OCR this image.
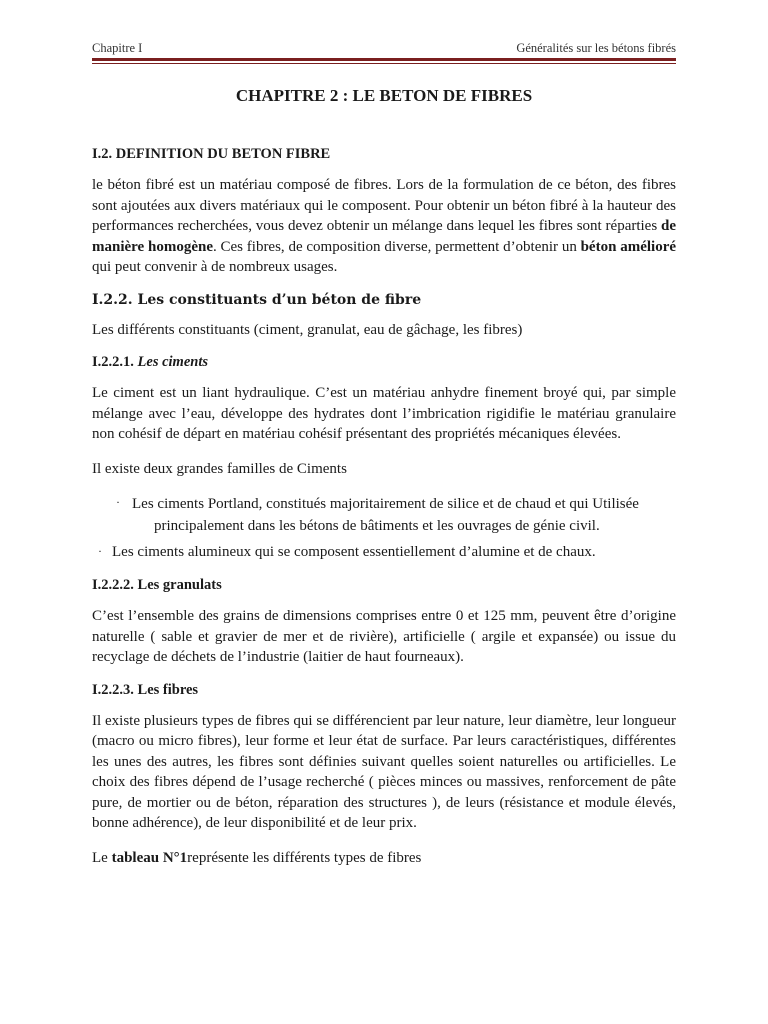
Chapitre I	Généralités sur les bétons fibrés
CHAPITRE 2 : LE BETON DE FIBRES
I.2. DEFINITION DU BETON FIBRE

le béton fibré est un matériau composé de fibres. Lors de la formulation de ce béton, des fibres sont ajoutées aux divers matériaux qui le composent. Pour obtenir un béton fibré à la hauteur des performances recherchées, vous devez obtenir un mélange dans lequel les fibres sont réparties de manière homogène. Ces fibres, de composition diverse, permettent d’obtenir un béton amélioré qui peut convenir à de nombreux usages.

I.2.2. Les constituants d’un béton de fibre

Les différents constituants (ciment, granulat, eau de gâchage, les fibres)

I.2.2.1. Les ciments

Le ciment est un liant hydraulique. C’est un matériau anhydre finement broyé qui, par simple mélange avec l’eau, développe des hydrates dont l’imbrication rigidifie le matériau granulaire non cohésif de départ en matériau cohésif présentant des propriétés mécaniques élevées.

Il existe deux grandes familles de Ciments

· Les ciments Portland, constitués majoritairement de silice et de chaud et qui Utilisée
principalement dans les bétons de bâtiments et les ouvrages de génie civil.
· Les ciments alumineux qui se composent essentiellement d’alumine et de chaux.
I.2.2.2. Les granulats

C’est l’ensemble des grains de dimensions comprises entre 0 et 125 mm, peuvent être d’origine naturelle ( sable et gravier de mer et de rivière), artificielle ( argile et expansée) ou issue du recyclage de déchets de l’industrie (laitier de haut fourneaux).

I.2.2.3. Les fibres

Il existe plusieurs types de fibres qui se différencient par leur nature, leur diamètre, leur longueur (macro ou micro fibres), leur forme et leur état de surface. Par leurs caractéristiques, différentes les unes des autres, les fibres sont définies suivant quelles soient naturelles ou artificielles. Le choix des fibres dépend de l’usage recherché ( pièces minces ou massives, renforcement de pâte pure, de mortier ou de béton, réparation des structures ), de leurs (résistance et module élevés, bonne adhérence), de leur disponibilité et de leur prix.

Le tableau N°1représente les différents types de fibres
